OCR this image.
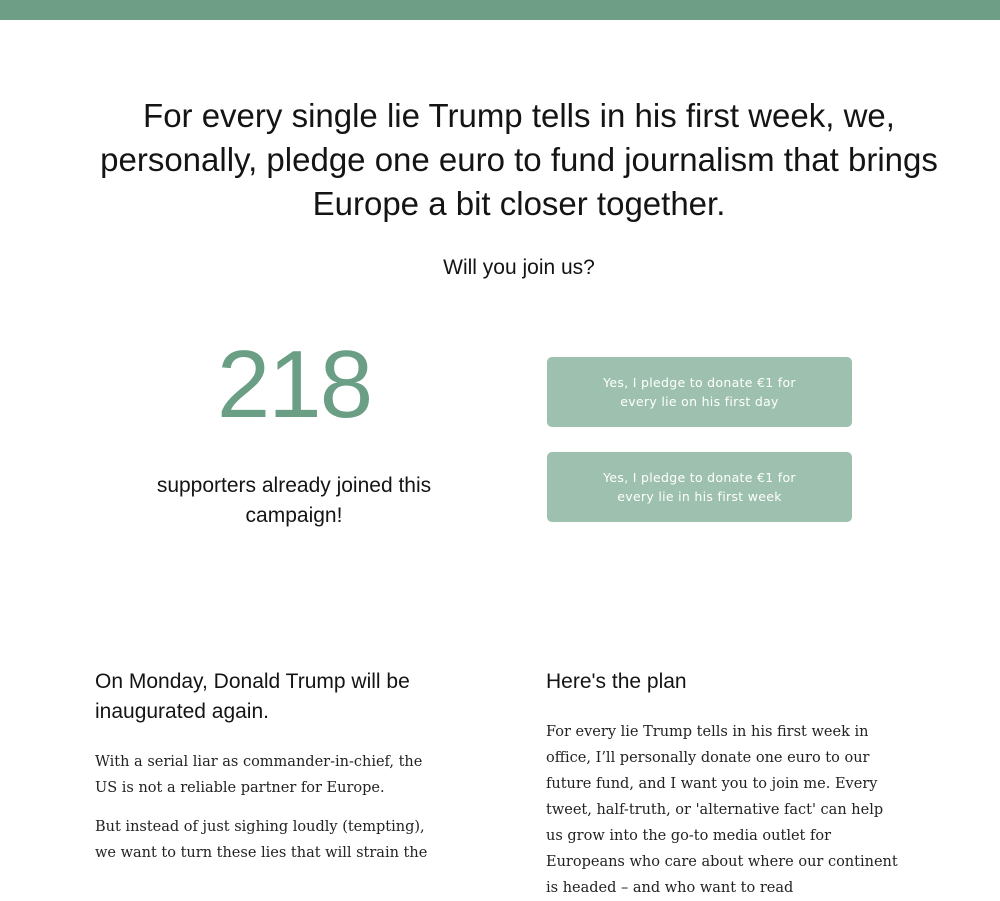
For every single lie Trump tells in his first week, we, personally, pledge one euro to fund journalism that brings Europe a bit closer together.

Will you join us?

218

supporters already joined this campaign!

Yes, I pledge to donate €1 for every lie on his first day
Yes, I pledge to donate €1 for every lie in his first week
On Monday, Donald Trump will be inaugurated again.

With a serial liar as commander-in-chief, the US is not a reliable partner for Europe.

But instead of just sighing loudly (tempting), we want to turn these lies that will strain the

Here's the plan

For every lie Trump tells in his first week in office, I’ll personally donate one euro to our future fund, and I want you to join me. Every tweet, half-truth, or 'alternative fact' can help us grow into the go-to media outlet for Europeans who care about where our continent is headed – and who want to read
